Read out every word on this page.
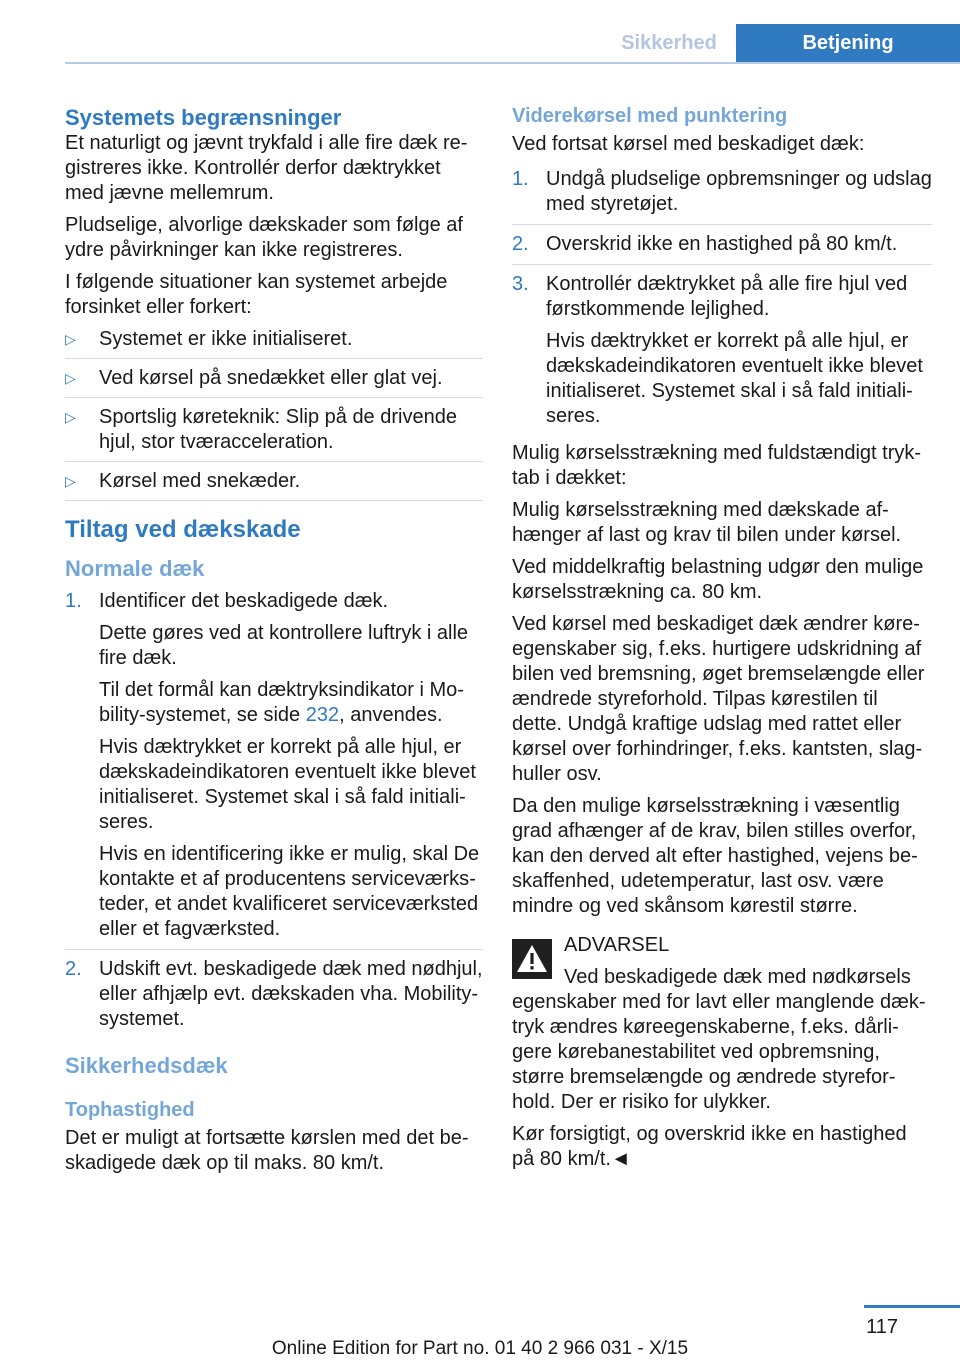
Sikkerhed	Betjening
Systemets begrænsninger

Et naturligt og jævnt trykfald i alle fire dæk registreres ikke. Kontrollér derfor dæktrykket med jævne mellemrum.

Pludselige, alvorlige dækskader som følge af ydre påvirkninger kan ikke registreres.

I følgende situationer kan systemet arbejde forsinket eller forkert:

▷ Systemet er ikke initialiseret.
▷ Ved kørsel på snedækket eller glat vej.
▷ Sportslig køreteknik: Slip på de drivende hjul, stor tværacceleration.
▷ Kørsel med snekæder.
Tiltag ved dækskade
Normale dæk
1. Identificer det beskadigede dæk.

Dette gøres ved at kontrollere luftryk i alle fire dæk.

Til det formål kan dæktryksindikator i Mobility-systemet, se side 232, anvendes.

Hvis dæktrykket er korrekt på alle hjul, er dækskadeindikatoren eventuelt ikke blevet initialiseret. Systemet skal i så fald initialiseres.

Hvis en identificering ikke er mulig, skal De kontakte et af producentens serviceværksteder, et andet kvalificeret serviceværksted eller et fagværksted.

2. Udskift evt. beskadigede dæk med nødhjul, eller afhjælp evt. dækskaden vha. Mobility-systemet.

Sikkerhedsdæk
Tophastighed

Det er muligt at fortsætte kørslen med det beskadigede dæk op til maks. 80 km/t.

Viderekørsel med punktering

Ved fortsat kørsel med beskadiget dæk:

1. Undgå pludselige opbremsninger og udslag med styretøjet.

2. Overskrid ikke en hastighed på 80 km/t.

3. Kontrollér dæktrykket på alle fire hjul ved førstkommende lejlighed.

Hvis dæktrykket er korrekt på alle hjul, er dækskadeindikatoren eventuelt ikke blevet initialiseret. Systemet skal i så fald initialiseres.

Mulig kørselsstrækning med fuldstændigt tryktab i dækket:

Mulig kørselsstrækning med dækskade afhænger af last og krav til bilen under kørsel.

Ved middelkraftig belastning udgør den mulige kørselsstrækning ca. 80 km.

Ved kørsel med beskadiget dæk ændrer køreegenskaber sig, f.eks. hurtigere udskridning af bilen ved bremsning, øget bremselængde eller ændrede styreforhold. Tilpas kørestilen til dette. Undgå kraftige udslag med rattet eller kørsel over forhindringer, f.eks. kantsten, slaghuller osv.

Da den mulige kørselsstrækning i væsentlig grad afhænger af de krav, bilen stilles overfor, kan den derved alt efter hastighed, vejens beskaffenhed, udetemperatur, last osv. være mindre og ved skånsom kørestil større.

ADVARSEL
Ved beskadigede dæk med nødkørsels

egenskaber med for lavt eller manglende dæktryk ændres køreegenskaberne, f.eks. dårligere kørebanestabilitet ved opbremsning, større bremselængde og ændrede styreforhold. Der er risiko for ulykker.

Kør forsigtigt, og overskrid ikke en hastighed på 80 km/t.◄

117
Online Edition for Part no. 01 40 2 966 031 - X/15
